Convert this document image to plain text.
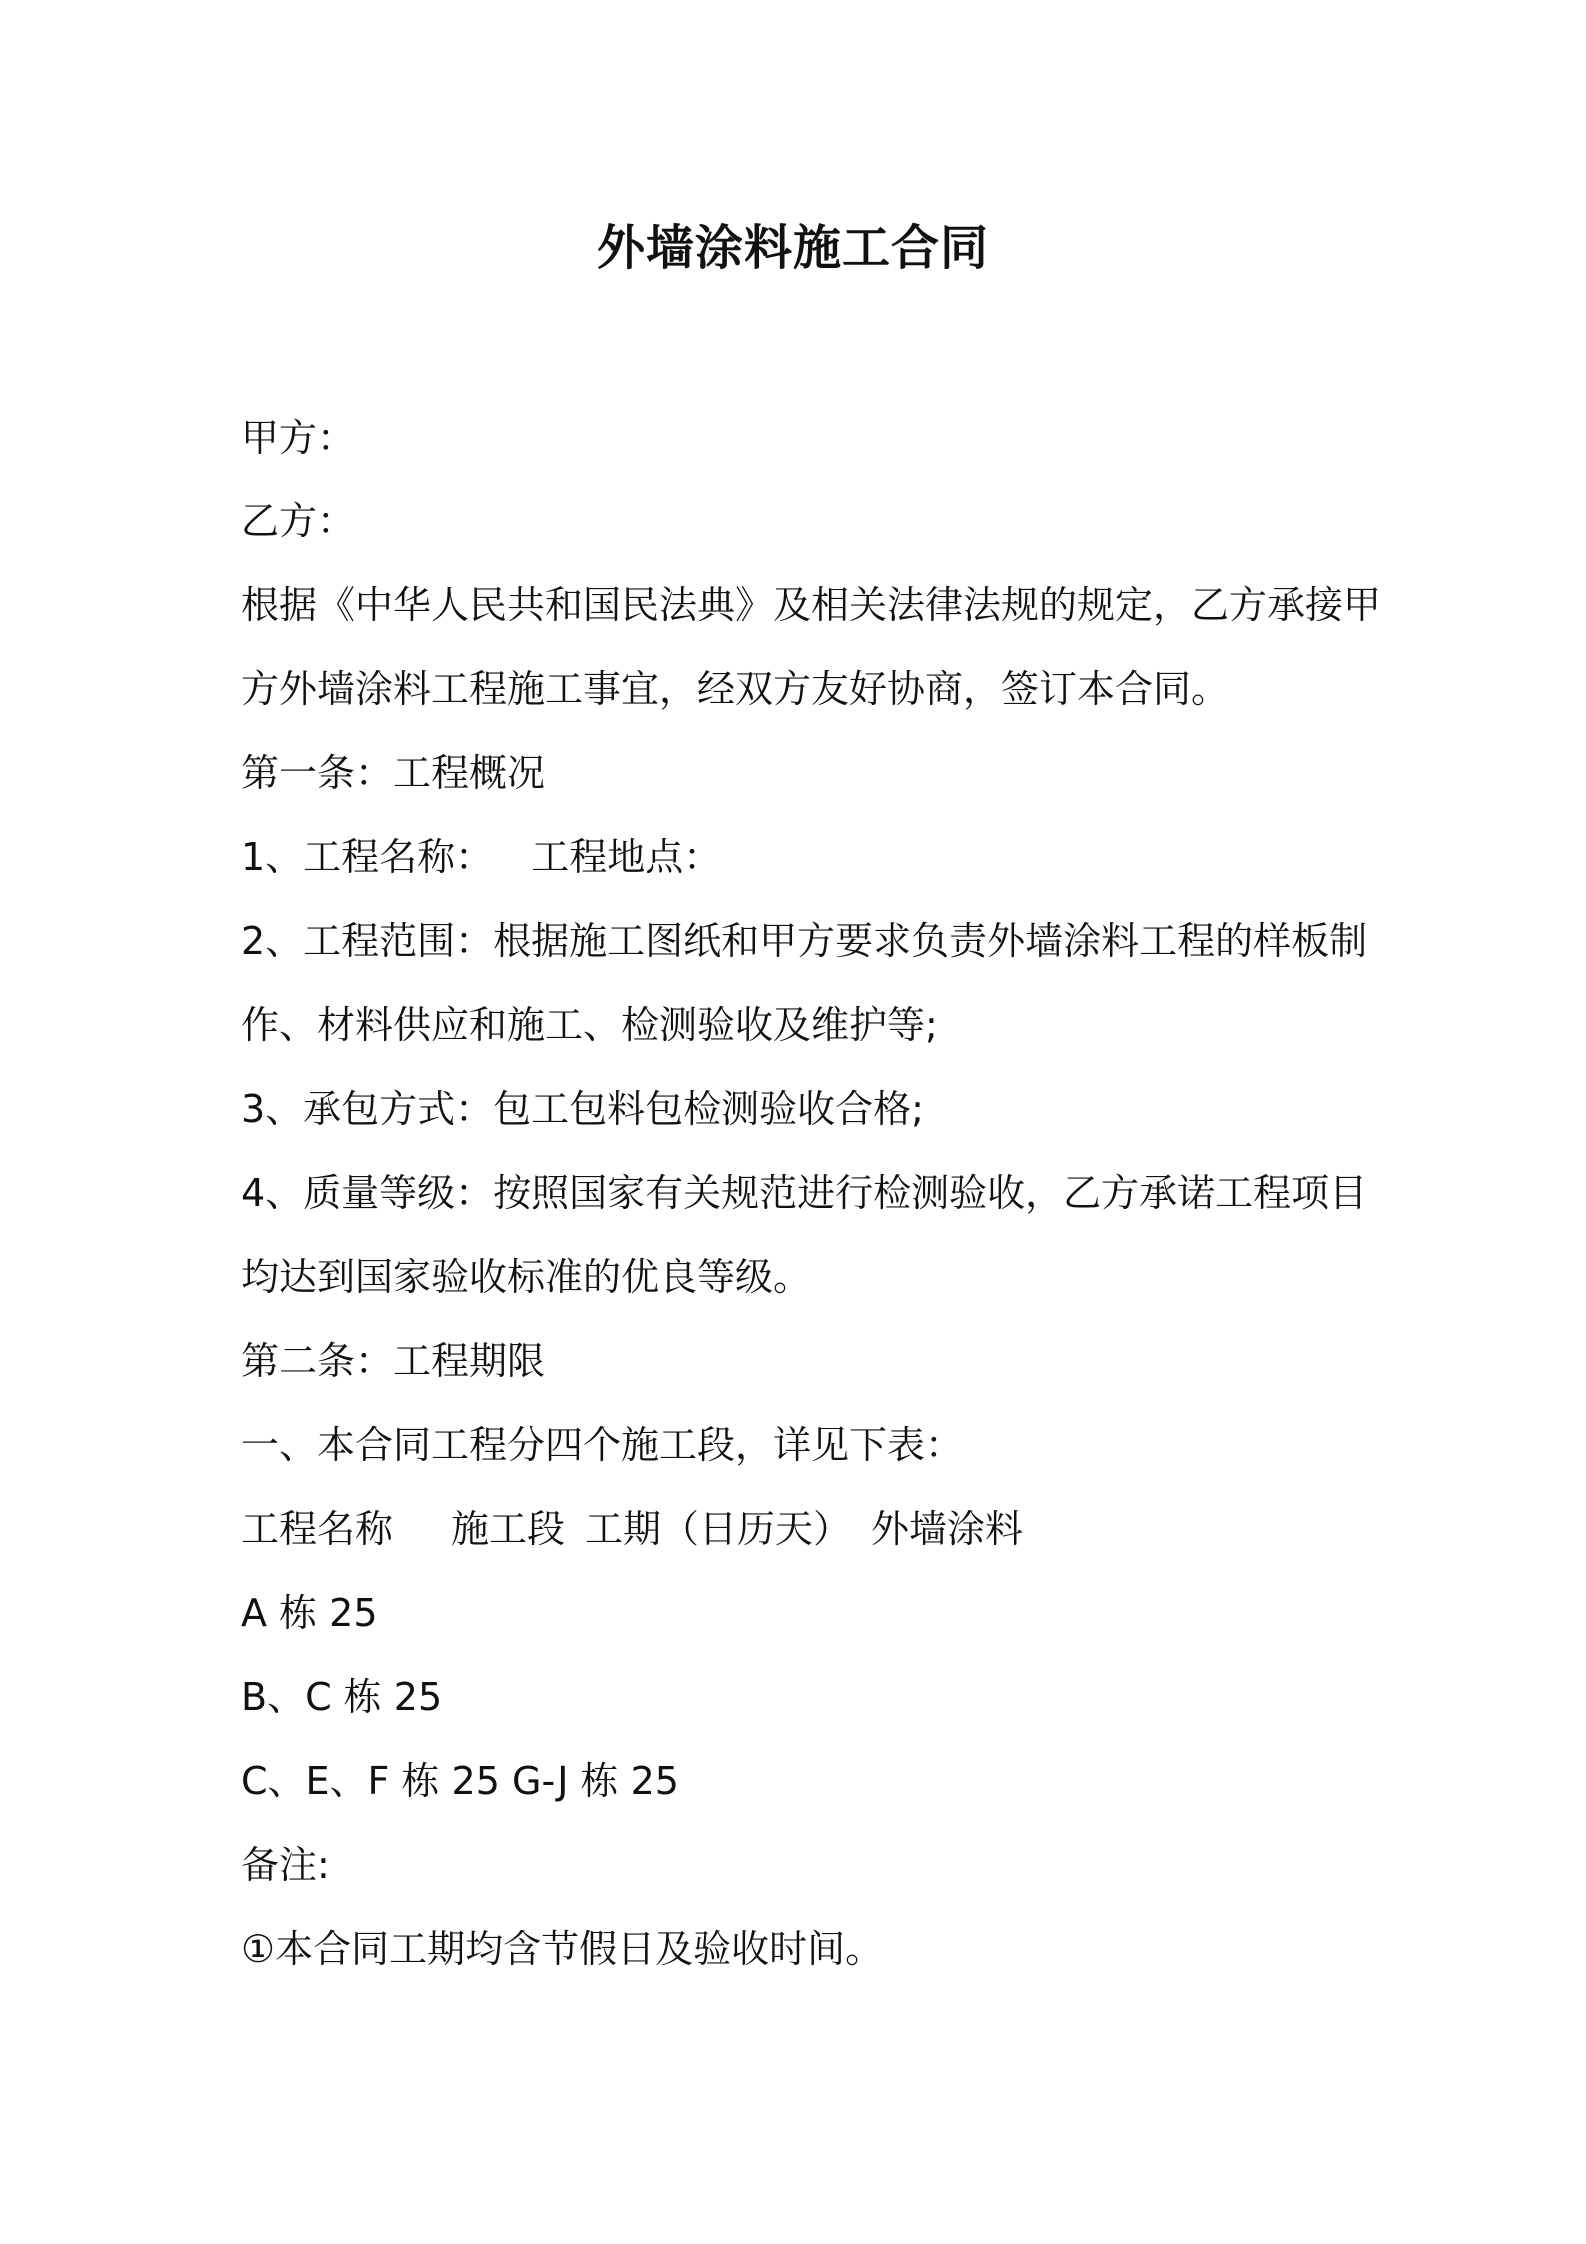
外墙涂料施工合同

甲方：

乙方：

根据《中华人民共和国民法典》及相关法律法规的规定，乙方承接甲

方外墙涂料工程施工事宜，经双方友好协商，签订本合同。

第一条：工程概况

1、工程名称： 工程地点：

2、工程范围：根据施工图纸和甲方要求负责外墙涂料工程的样板制

作、材料供应和施工、检测验收及维护等;

3、承包方式：包工包料包检测验收合格;

4、质量等级：按照国家有关规范进行检测验收，乙方承诺工程项目

均达到国家验收标准的优良等级。

第二条：工程期限

一、本合同工程分四个施工段，详见下表：

工程名称 施工段 工期（日历天） 外墙涂料

A 栋 25

B、C 栋 25

C、E、F 栋 25 G-J 栋 25

备注:

①本合同工期均含节假日及验收时间。
